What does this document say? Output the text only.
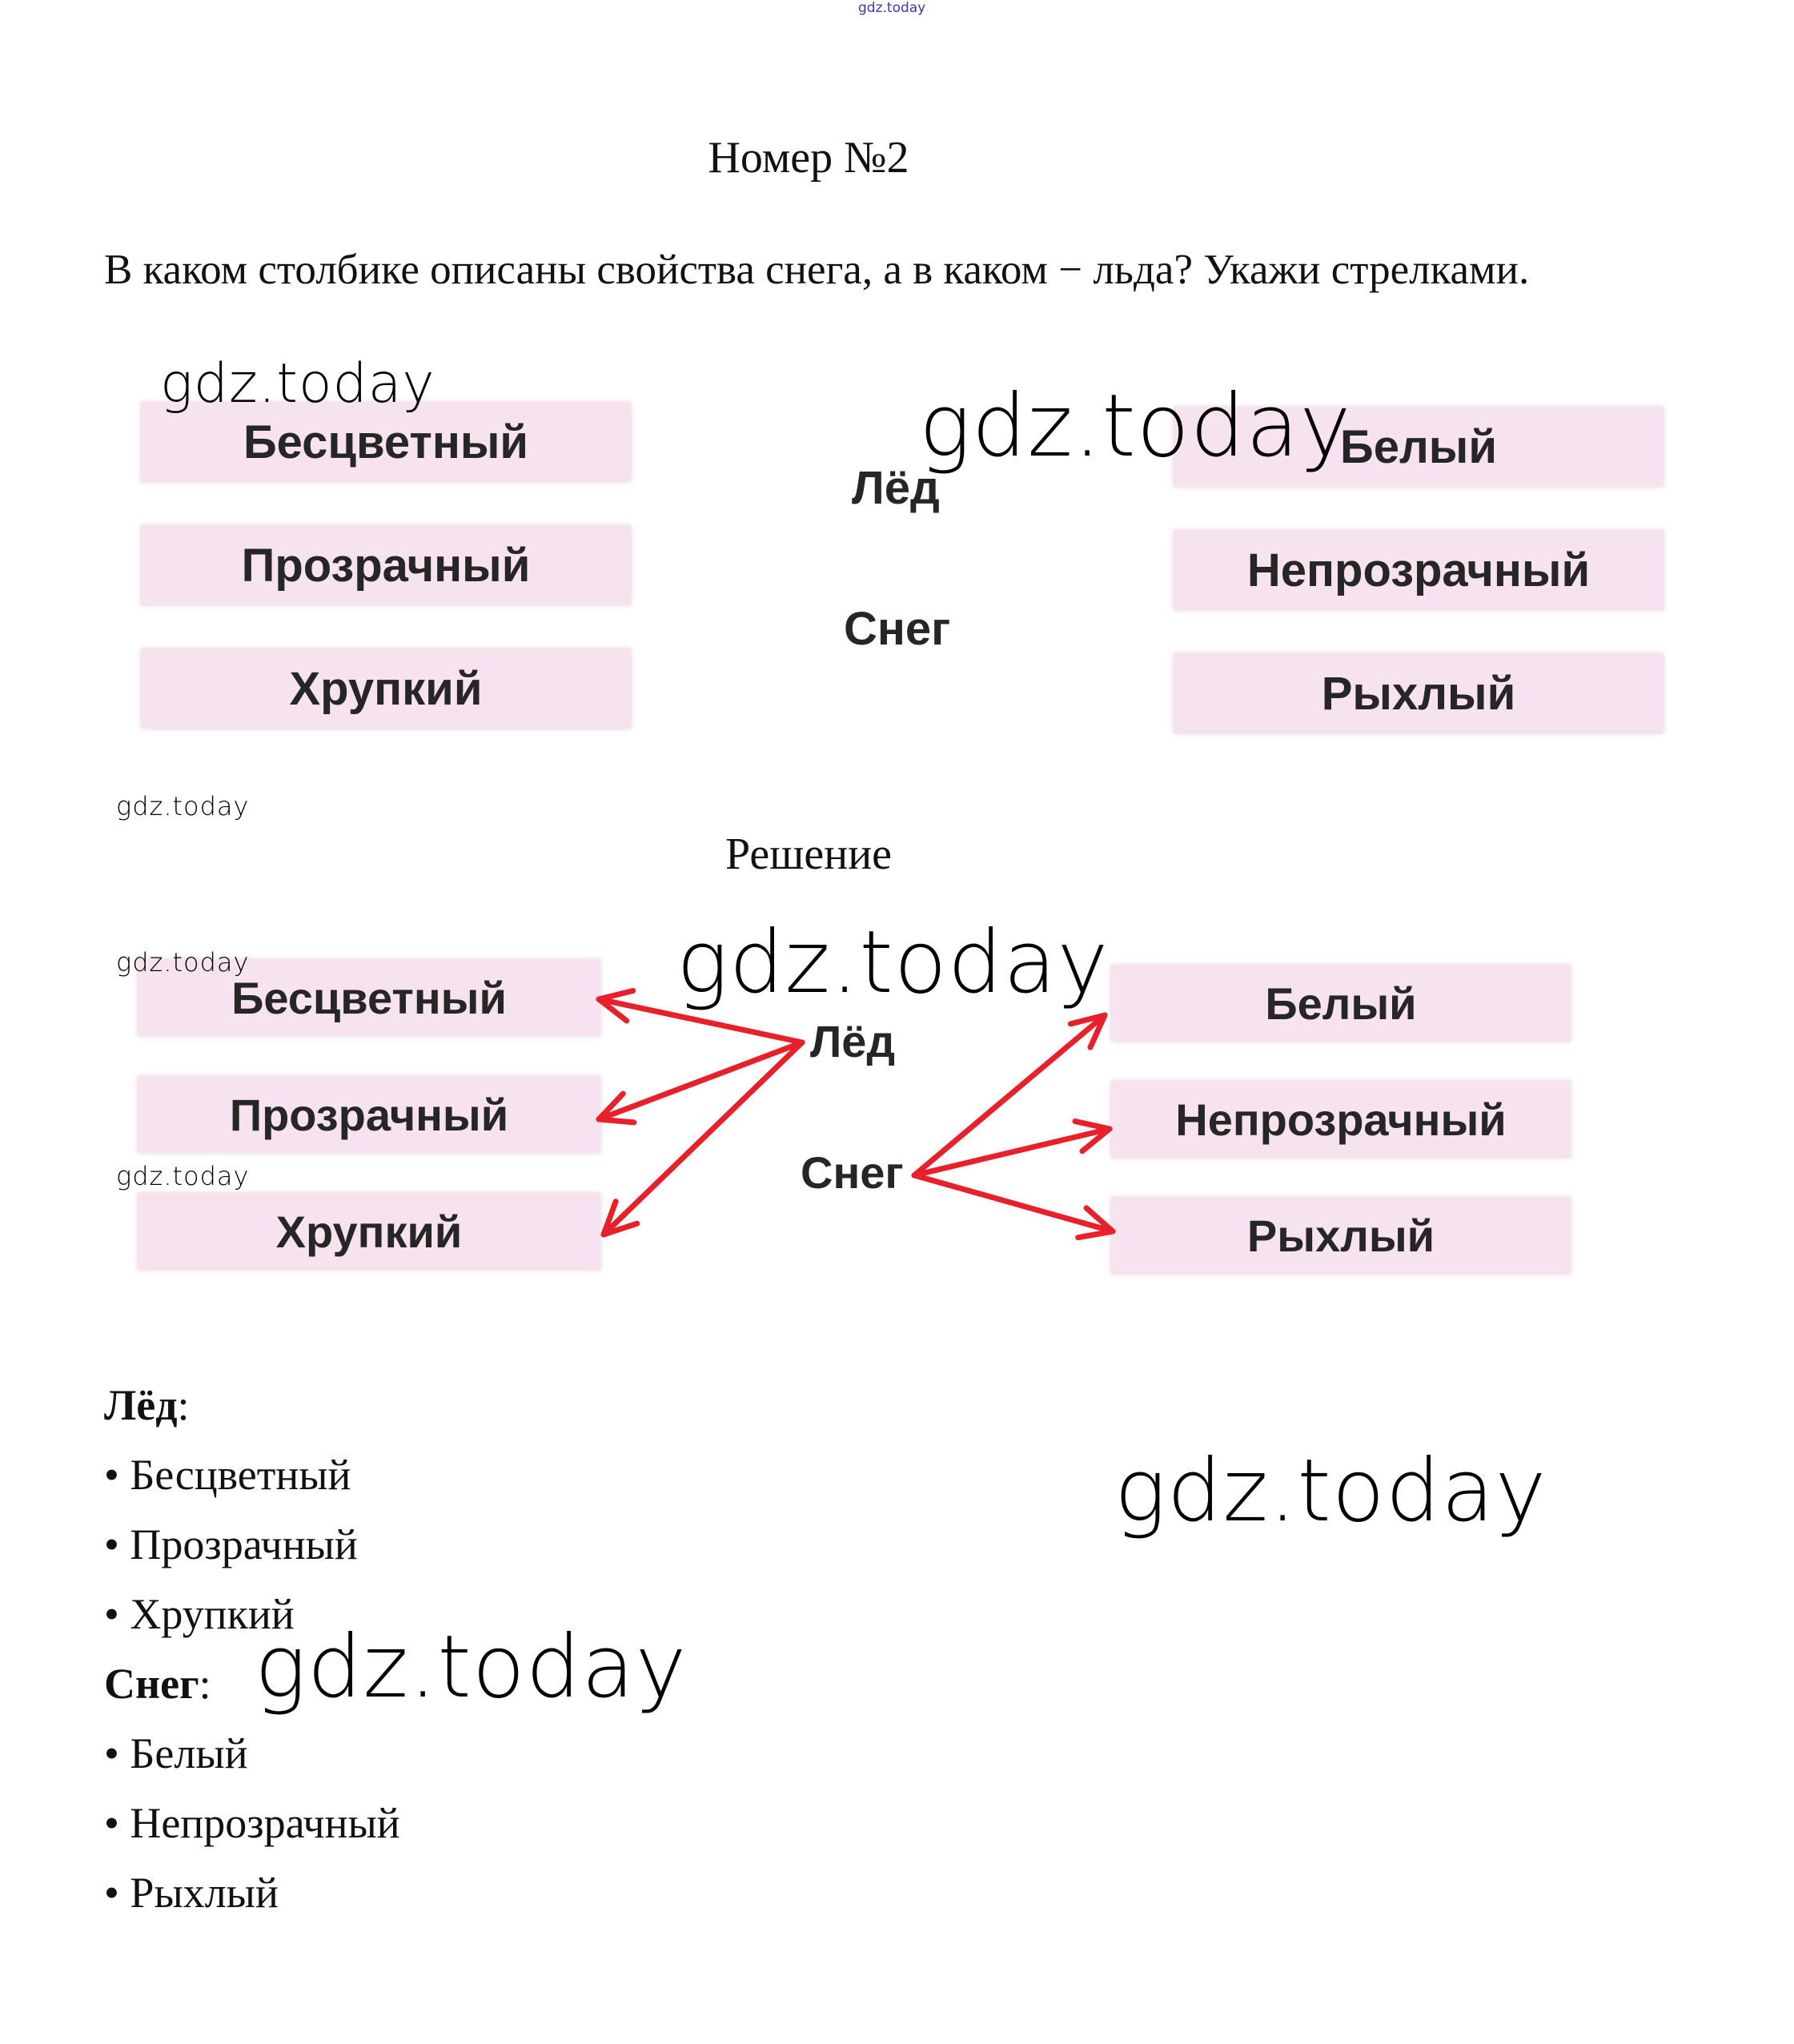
gdz.today
Номер №2
В каком столбике описаны свойства снега, а в каком − льда? Укажи стрелками.
Бесцветный
Прозрачный
Хрупкий
Лёд
Снег
Белый
Непрозрачный
Рыхлый
Решение
Бесцветный
Прозрачный
Хрупкий
Лёд
Снег
Белый
Непрозрачный
Рыхлый
Лёд:
• Бесцветный
• Прозрачный
• Хрупкий
Снег:
• Белый
• Непрозрачный
• Рыхлый
gdz.today	gdz.today
gdz.today
gdz.today	gdz.today
gdz.today
gdz.today
gdz.today
